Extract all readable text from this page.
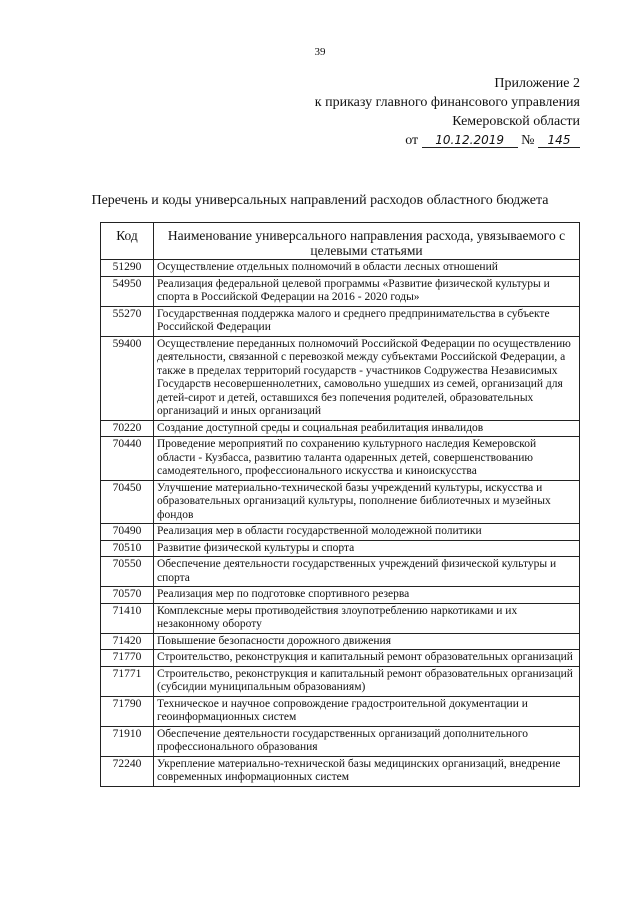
39
Приложение 2
к приказу главного финансового управления
Кемеровской области
от 10.12.2019 № 145
Перечень и коды универсальных направлений расходов областного бюджета
Код	Наименование универсального направления расхода, увязываемого с целевыми статьями
51290	Осуществление отдельных полномочий в области лесных отношений
54950	Реализация федеральной целевой программы «Развитие физической культуры и спорта в Российской Федерации на 2016 - 2020 годы»
55270	Государственная поддержка малого и среднего предпринимательства в субъекте Российской Федерации
59400	Осуществление переданных полномочий Российской Федерации по осуществлению деятельности, связанной с перевозкой между субъектами Российской Федерации, а также в пределах территорий государств - участников Содружества Независимых Государств несовершеннолетних, самовольно ушедших из семей, организаций для детей-сирот и детей, оставшихся без попечения родителей, образовательных организаций и иных организаций
70220	Создание доступной среды и социальная реабилитация инвалидов
70440	Проведение мероприятий по сохранению культурного наследия Кемеровской области - Кузбасса, развитию таланта одаренных детей, совершенствованию самодеятельного, профессионального искусства и киноискусства
70450	Улучшение материально-технической базы учреждений культуры, искусства и образовательных организаций культуры, пополнение библиотечных и музейных фондов
70490	Реализация мер в области государственной молодежной политики
70510	Развитие физической культуры и спорта
70550	Обеспечение деятельности государственных учреждений физической культуры и спорта
70570	Реализация мер по подготовке спортивного резерва
71410	Комплексные меры противодействия злоупотреблению наркотиками и их незаконному обороту
71420	Повышение безопасности дорожного движения
71770	Строительство, реконструкция и капитальный ремонт образовательных организаций
71771	Строительство, реконструкция и капитальный ремонт образовательных организаций (субсидии муниципальным образованиям)
71790	Техническое и научное сопровождение градостроительной документации и геоинформационных систем
71910	Обеспечение деятельности государственных организаций дополнительного профессионального образования
72240	Укрепление материально-технической базы медицинских организаций, внедрение современных информационных систем
